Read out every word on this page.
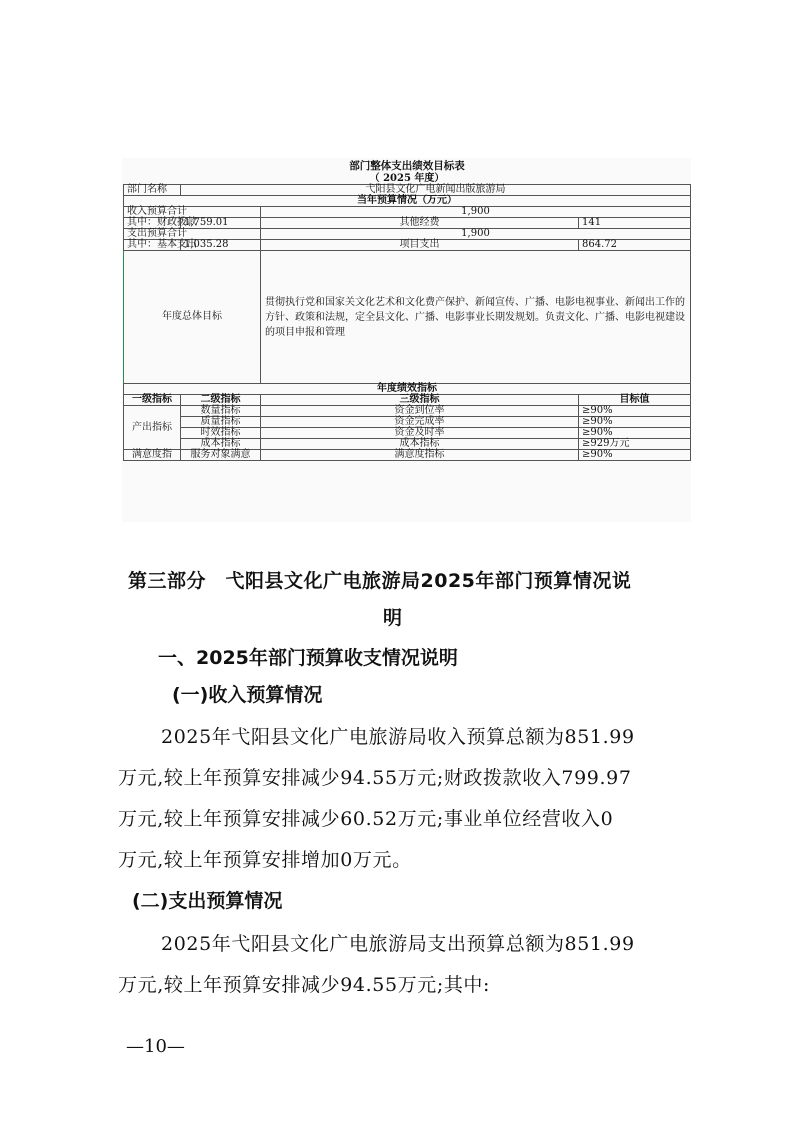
部门整体支出绩效目标表			
（ 2025 年度）			
部门名称	弋阳县文化广电新闻出版旅游局		
当年预算情况（万元）			
收入预算合计		1,900	
其中：财政拨款	1,759.01	其他经费	141
支出预算合计		1,900	
其中：基本支出	1,035.28	项目支出	864.72
年度总体目标		贯彻执行党和国家关文化艺术和文化费产保护、新闻宣传、广播、电影电视事业、新闻出工作的方针、政策和法规，定全县文化、广播、电影事业长期发规划。负责文化、广播、电影电视建设的项目申报和管理	
年度绩效指标			
一级指标	二级指标	三级指标	目标值
产出指标	数量指标	资金到位率	≥90%
	质量指标	资金完成率	≥90%
	时效指标	资金及时率	≥90%
	成本指标	成本指标	≥929万元
满意度指	服务对象满意	满意度指标	≥90%
第三部分　弋阳县文化广电旅游局2025年部门预算情况说
明
一、2025年部门预算收支情况说明
(一)收入预算情况
2025年弋阳县文化广电旅游局收入预算总额为851.99
万元,较上年预算安排减少94.55万元;财政拨款收入799.97
万元,较上年预算安排减少60.52万元;事业单位经营收入0
万元,较上年预算安排增加0万元。
(二)支出预算情况
2025年弋阳县文化广电旅游局支出预算总额为851.99
万元,较上年预算安排减少94.55万元;其中:
—10—
